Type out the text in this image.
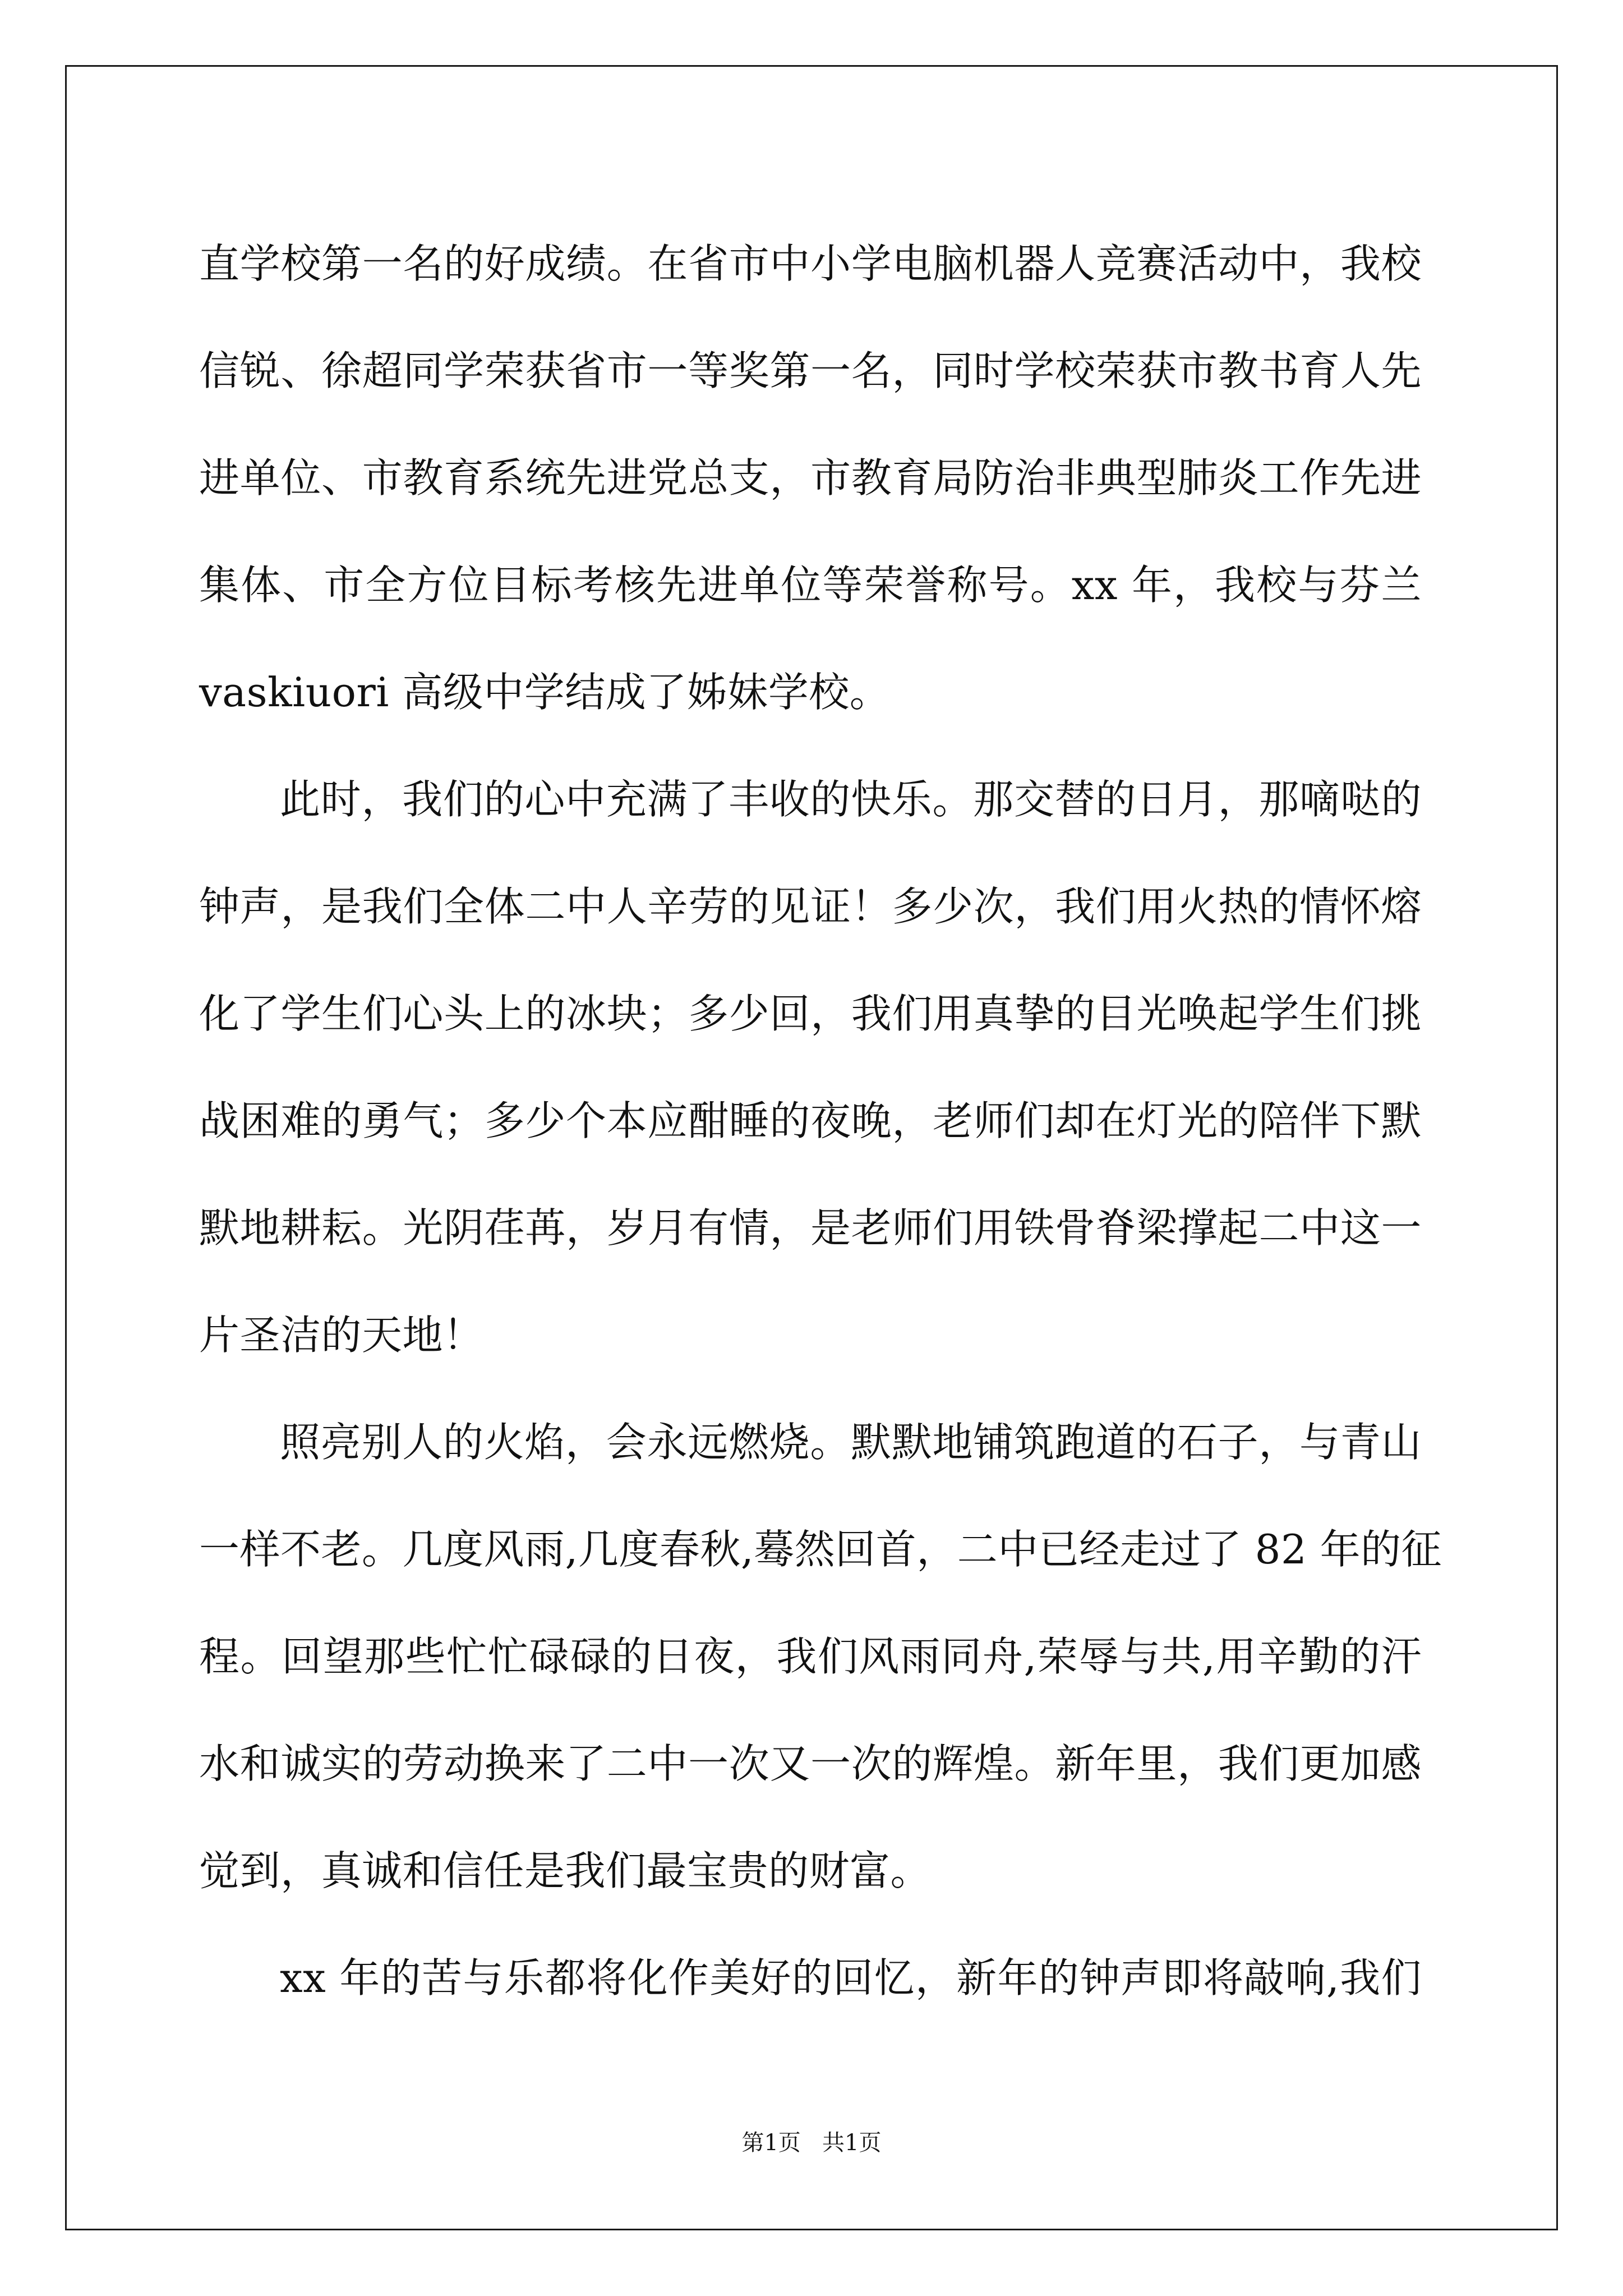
直学校第一名的好成绩。在省市中小学电脑机器人竞赛活动中，我校
信锐、徐超同学荣获省市一等奖第一名，同时学校荣获市教书育人先
进单位、市教育系统先进党总支，市教育局防治非典型肺炎工作先进
集体、市全方位目标考核先进单位等荣誉称号。xx 年，我校与芬兰
vaskiuori 高级中学结成了姊妹学校。
此时，我们的心中充满了丰收的快乐。那交替的日月，那嘀哒的
钟声，是我们全体二中人辛劳的见证！多少次，我们用火热的情怀熔
化了学生们心头上的冰块；多少回，我们用真挚的目光唤起学生们挑
战困难的勇气；多少个本应酣睡的夜晚，老师们却在灯光的陪伴下默
默地耕耘。光阴荏苒，岁月有情，是老师们用铁骨脊梁撑起二中这一
片圣洁的天地！
照亮别人的火焰，会永远燃烧。默默地铺筑跑道的石子，与青山
一样不老。几度风雨,几度春秋,蓦然回首，二中已经走过了 82 年的征
程。回望那些忙忙碌碌的日夜，我们风雨同舟,荣辱与共,用辛勤的汗
水和诚实的劳动换来了二中一次又一次的辉煌。新年里，我们更加感
觉到，真诚和信任是我们最宝贵的财富。
xx 年的苦与乐都将化作美好的回忆，新年的钟声即将敲响,我们
第1页   共1页
